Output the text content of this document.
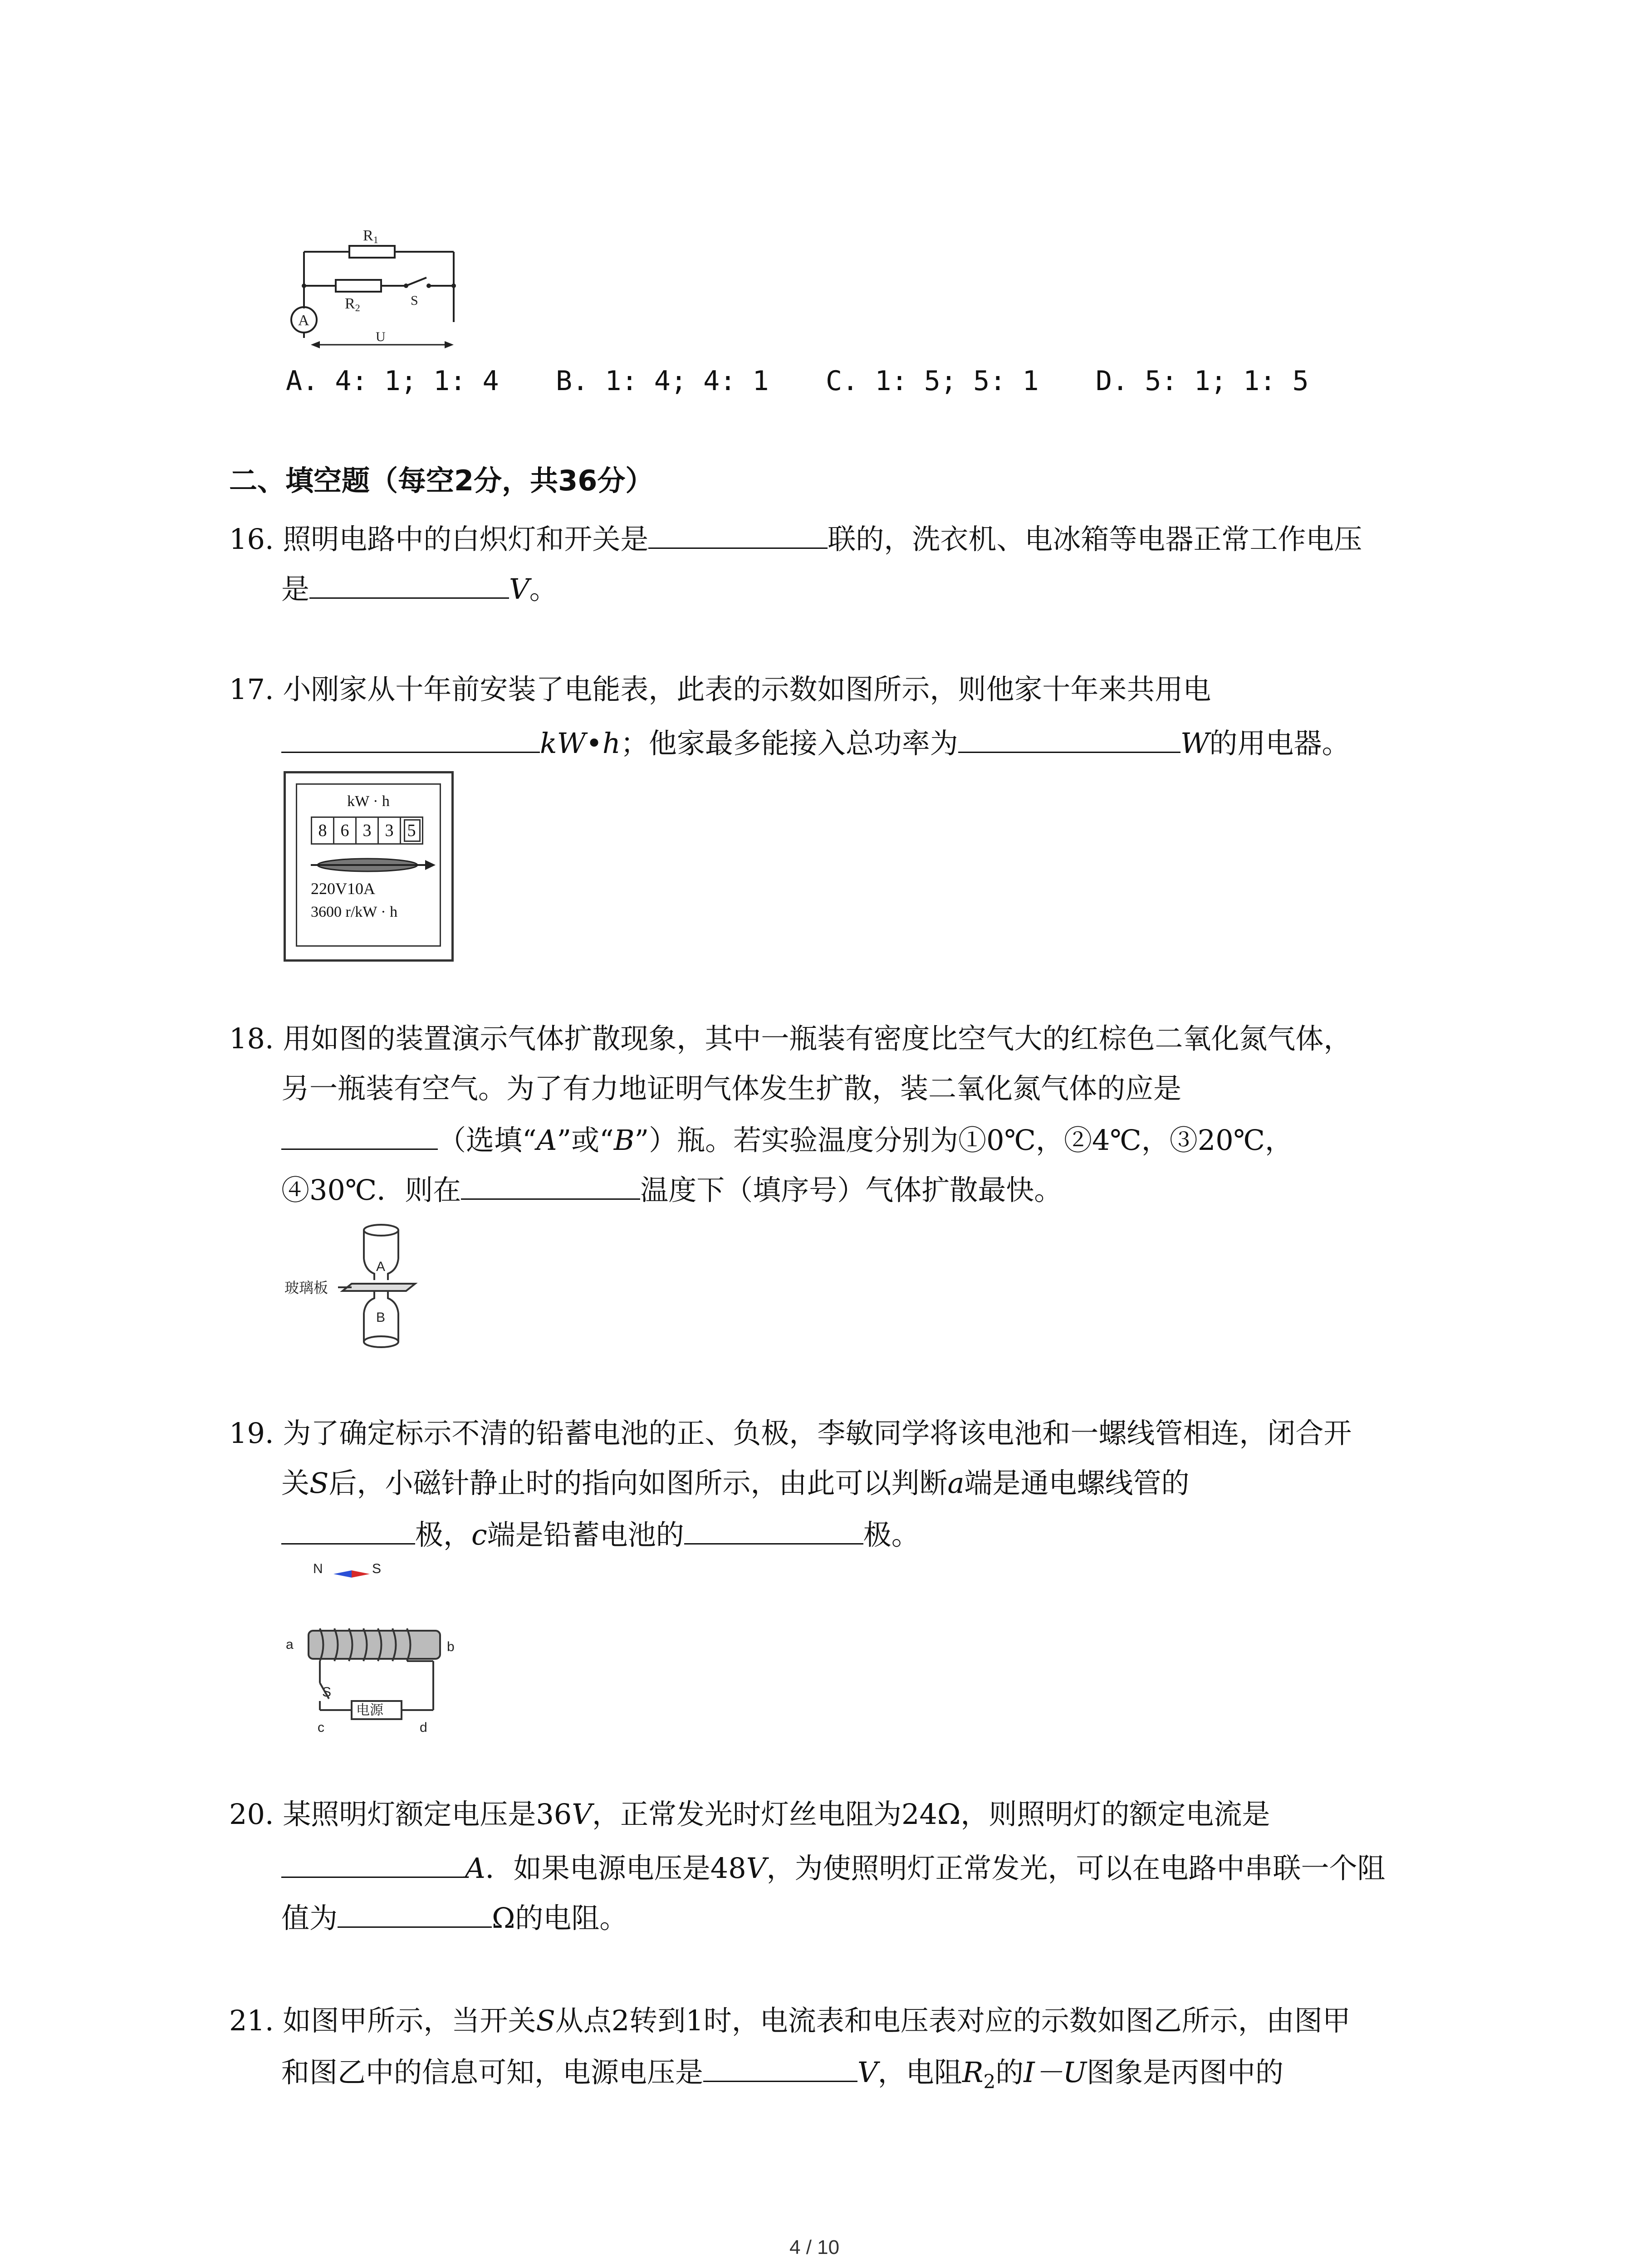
R1
R2	S
A
U
A. 4: 1; 1: 4 B. 1: 4; 4: 1 C. 1: 5; 5: 1 D. 5: 1; 1: 5
二、填空题（每空2分，共36分）
16. 照明电路中的白炽灯和开关是	联的，洗衣机、电冰箱等电器正常工作电压
是	V。
17. 小刚家从十年前安装了电能表，此表的示数如图所示，则他家十年来共用电
kW•h；他家最多能接入总功率为	W的用电器。
kW · h
8 6 3 3 5
220V10A
3600 r/kW · h
18. 用如图的装置演示气体扩散现象，其中一瓶装有密度比空气大的红棕色二氧化氮气体，
另一瓶装有空气。为了有力地证明气体发生扩散，装二氧化氮气体的应是
（选填“A”或“B”）瓶。若实验温度分别为①0℃，②4℃，③20℃，
④30℃．则在	温度下（填序号）气体扩散最快。
玻璃板
A
B
19. 为了确定标示不清的铅蓄电池的正、负极，李敏同学将该电池和一螺线管相连，闭合开
关S后，小磁针静止时的指向如图所示，由此可以判断a端是通电螺线管的
极，c端是铅蓄电池的	极。
N	S
a	b
S
c	d
电源
20. 某照明灯额定电压是36V，正常发光时灯丝电阻为24Ω，则照明灯的额定电流是
A．如果电源电压是48V，为使照明灯正常发光，可以在电路中串联一个阻
值为	Ω的电阻。
21. 如图甲所示，当开关S从点2转到1时，电流表和电压表对应的示数如图乙所示，由图甲
和图乙中的信息可知，电源电压是	V，电阻$R_2$的I－U图象是丙图中的
4 / 10
